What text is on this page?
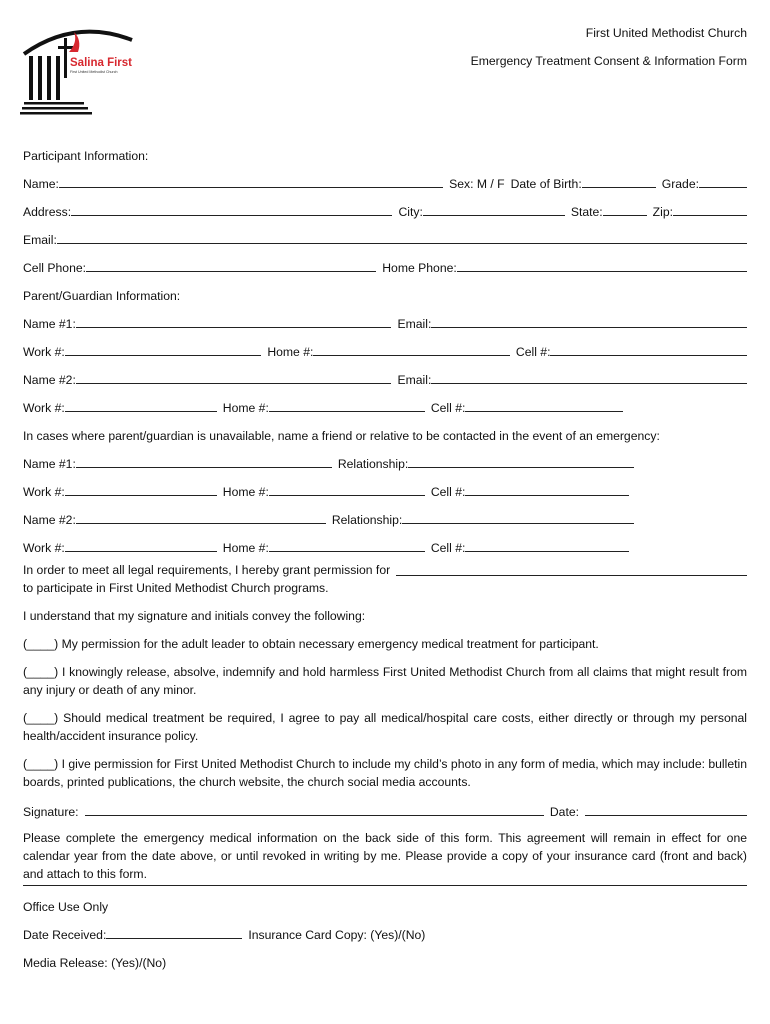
Salina First
First United Methodist Church
First United Methodist Church
Emergency Treatment Consent & Information Form
Participant Information:
Name:	Sex: M / F Date of Birth:	Grade:
Address:	City:	State:	Zip:
Email:
Cell Phone:	Home Phone:
Parent/Guardian Information:
Name #1:	Email:
Work #:	Home #:	Cell #:
Name #2:	Email:
Work #:	Home #:	Cell #:
In cases where parent/guardian is unavailable, name a friend or relative to be contacted in the event of an emergency:
Name #1:	Relationship:
Work #:	Home #:	Cell #:
Name #2:	Relationship:
Work #:	Home #:	Cell #:
In order to meet all legal requirements, I hereby grant permission for
to participate in First United Methodist Church programs.
I understand that my signature and initials convey the following:
(____) My permission for the adult leader to obtain necessary emergency medical treatment for participant.
(____) I knowingly release, absolve, indemnify and hold harmless First United Methodist Church from all claims that might result from any injury or death of any minor.
(____) Should medical treatment be required, I agree to pay all medical/hospital care costs, either directly or through my personal health/accident insurance policy.
(____) I give permission for First United Methodist Church to include my child’s photo in any form of media, which may include: bulletin boards, printed publications, the church website, the church social media accounts.
Signature:	Date:
Please complete the emergency medical information on the back side of this form. This agreement will remain in effect for one calendar year from the date above, or until revoked in writing by me. Please provide a copy of your insurance card (front and back) and attach to this form.
Office Use Only
Date Received:	Insurance Card Copy: (Yes)/(No)
Media Release: (Yes)/(No)
